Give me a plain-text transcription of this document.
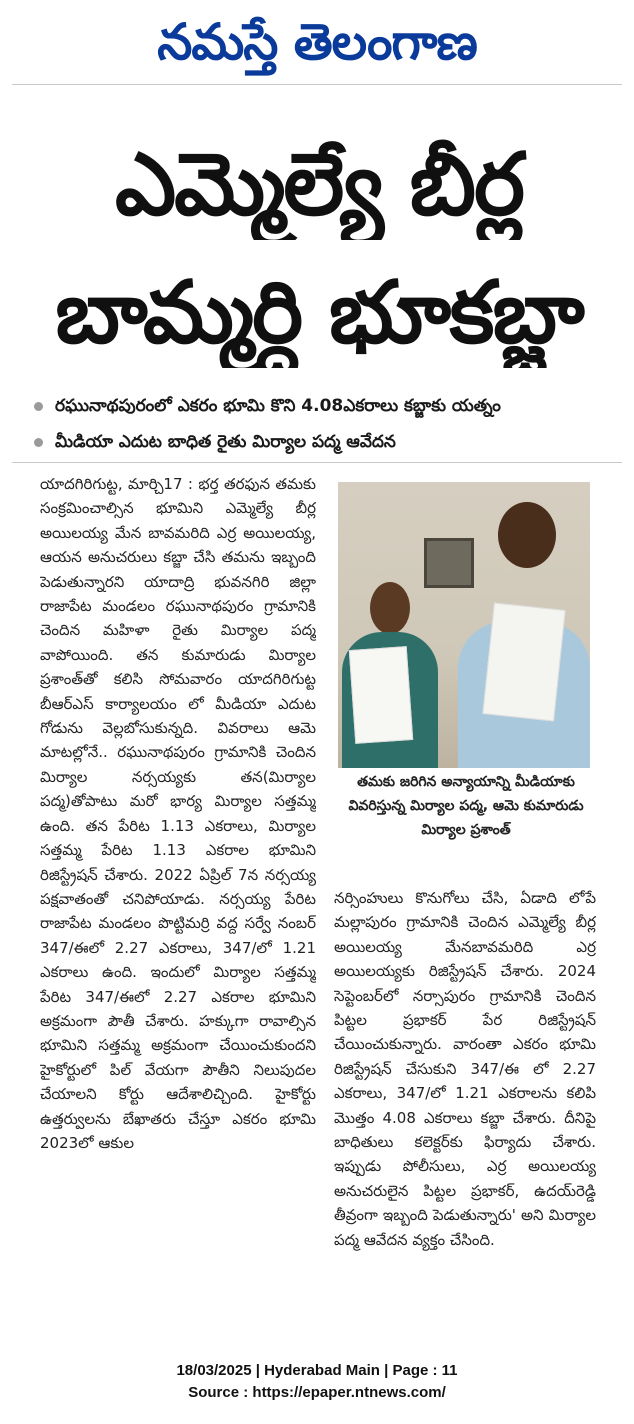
నమస్తే తెలంగాణ
ఎమ్మెల్యే బీర్ల
బామ్మర్ది భూకబ్జా
రఘునాథపురంలో ఎకరం భూమి కొని 4.08ఎకరాలు కబ్జాకు యత్నం
మీడియా ఎదుట బాధిత రైతు మిర్యాల పద్మ ఆవేదన

యాదగిరిగుట్ట, మార్చి17 : భర్త తరఫున తమకు సంక్రమించాల్సిన భూమిని ఎమ్మెల్యే బీర్ల అయిలయ్య మేన బావమరిది ఎర్ర అయిలయ్య, ఆయన అనుచరులు కబ్జా చేసి తమను ఇబ్బంది పెడుతున్నారని యాదాద్రి భువనగిరి జిల్లా రాజాపేట మండలం రఘునాథపురం గ్రామానికి చెందిన మహిళా రైతు మిర్యాల పద్మ వాపోయింది. తన కుమారుడు మిర్యాల ప్రశాంత్‌తో కలిసి సోమవారం యాదగిరిగుట్ట బీఆర్‌ఎస్ కార్యాలయం లో మీడియా ఎదుట గోడును వెల్లబోసుకున్నది. వివరాలు ఆమె మాటల్లోనే.. రఘునాథపురం గ్రామానికి చెందిన మిర్యాల నర్సయ్యకు తన(మిర్యాల పద్మ)తోపాటు మరో భార్య మిర్యాల సత్తమ్మ ఉంది. తన పేరిట 1.13 ఎకరాలు, మిర్యాల సత్తమ్మ పేరిట 1.13 ఎకరాల భూమిని రిజిస్ట్రేషన్ చేశారు. 2022 ఏప్రిల్ 7న నర్సయ్య పక్షవాతంతో చనిపోయాడు. నర్సయ్య పేరిట రాజాపేట మండలం పొట్టిమర్రి వద్ద సర్వే నంబర్ 347/ఈలో 2.27 ఎకరాలు, 347/లో 1.21 ఎకరాలు ఉంది. ఇందులో మిర్యాల సత్తమ్మ పేరిట 347/ఈలో 2.27 ఎకరాల భూమిని అక్రమంగా పౌతీ చేశారు. హక్కుగా రావాల్సిన భూమిని సత్తమ్మ అక్రమంగా చేయించుకుందని హైకోర్టులో పిల్ వేయగా పౌతీని నిలుపుదల చేయాలని కోర్టు ఆదేశాలిచ్చింది. హైకోర్టు ఉత్తర్వులను బేఖాతరు చేస్తూ ఎకరం భూమి 2023లో ఆకుల

తమకు జరిగిన అన్యాయాన్ని మీడియాకు వివరిస్తున్న మిర్యాల పద్మ, ఆమె కుమారుడు మిర్యాల ప్రశాంత్

నర్సింహులు కొనుగోలు చేసి, ఏడాది లోపే మల్లాపురం గ్రామానికి చెందిన ఎమ్మెల్యే బీర్ల అయిలయ్య మేనబావమరిది ఎర్ర అయిలయ్యకు రిజిస్ట్రేషన్ చేశారు. 2024 సెప్టెంబర్‌లో నర్సాపురం గ్రామానికి చెందిన పిట్టల ప్రభాకర్ పేర రిజిస్ట్రేషన్ చేయించుకున్నారు. వారంతా ఎకరం భూమి రిజిస్ట్రేషన్ చేసుకుని 347/ఈ లో 2.27 ఎకరాలు, 347/లో 1.21 ఎకరాలను కలిపి మొత్తం 4.08 ఎకరాలు కబ్జా చేశారు. దీనిపై బాధితులు కలెక్టర్‌కు ఫిర్యాదు చేశారు. ఇప్పుడు పోలీసులు, ఎర్ర అయిలయ్య అనుచరులైన పిట్టల ప్రభాకర్, ఉదయ్‌రెడ్డి తీవ్రంగా ఇబ్బంది పెడుతున్నారు' అని మిర్యాల పద్మ ఆవేదన వ్యక్తం చేసింది.

18/03/2025 | Hyderabad Main | Page : 11
Source : https://epaper.ntnews.com/
